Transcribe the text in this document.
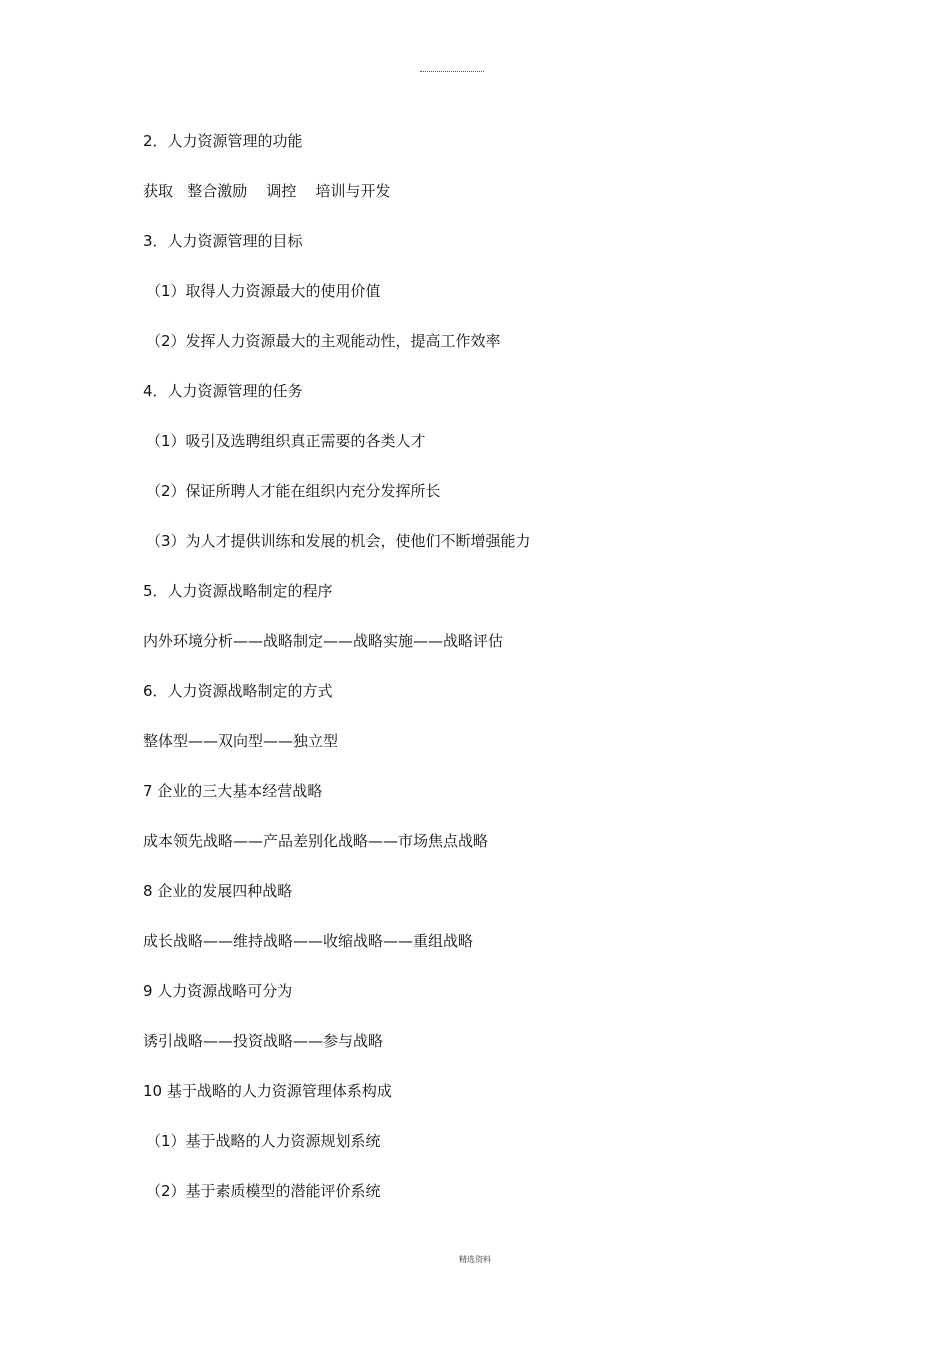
2．人力资源管理的功能
获取   整合激励    调控    培训与开发
3．人力资源管理的目标
（1）取得人力资源最大的使用价值
（2）发挥人力资源最大的主观能动性，提高工作效率
4．人力资源管理的任务
（1）吸引及选聘组织真正需要的各类人才
（2）保证所聘人才能在组织内充分发挥所长
（3）为人才提供训练和发展的机会，使他们不断增强能力
5．人力资源战略制定的程序
内外环境分析——战略制定——战略实施——战略评估
6．人力资源战略制定的方式
整体型——双向型——独立型
7 企业的三大基本经营战略
成本领先战略——产品差别化战略——市场焦点战略
8 企业的发展四种战略
成长战略——维持战略——收缩战略——重组战略
9 人力资源战略可分为
诱引战略——投资战略——参与战略
10 基于战略的人力资源管理体系构成
（1）基于战略的人力资源规划系统
（2）基于素质模型的潜能评价系统
精选资料
